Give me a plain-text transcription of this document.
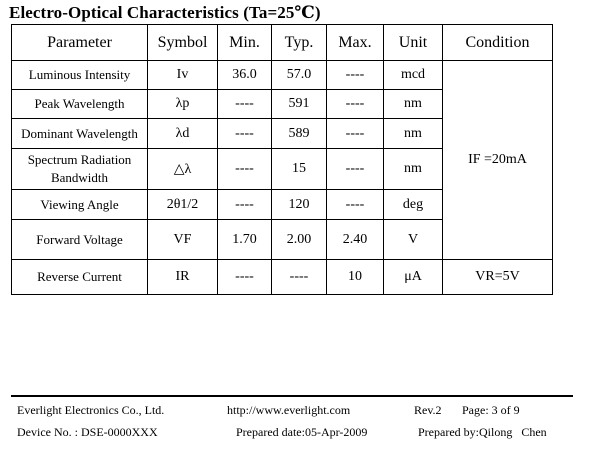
Electro-Optical Characteristics (Ta=25℃)
Parameter	Symbol	Min.	Typ.	Max.	Unit	Condition
Luminous Intensity	Iv	36.0	57.0	----	mcd	IF =20mA
Peak Wavelength	λp	----	591	----	nm	
Dominant Wavelength	λd	----	589	----	nm	
Spectrum Radiation Bandwidth	△λ	----	15	----	nm	
Viewing Angle	2θ1/2	----	120	----	deg	
Forward Voltage	VF	1.70	2.00	2.40	V	
Reverse Current	IR	----	----	10	μA	VR=5V
Everlight Electronics Co., Ltd.	http://www.everlight.com	Rev.2 Page: 3 of 9
Device No. : DSE-0000XXX	Prepared date:05-Apr-2009	Prepared by:Qilong   Chen
